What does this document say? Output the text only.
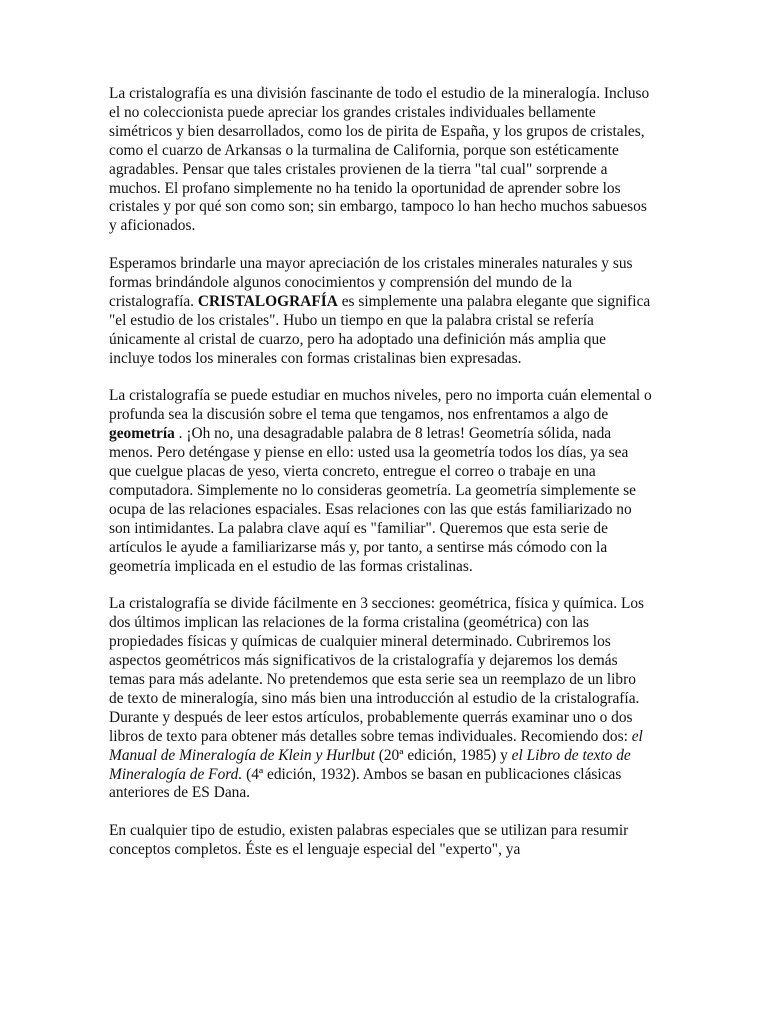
La cristalografía es una división fascinante de todo el estudio de la mineralogía. Incluso el no coleccionista puede apreciar los grandes cristales individuales bellamente simétricos y bien desarrollados, como los de pirita de España, y los grupos de cristales, como el cuarzo de Arkansas o la turmalina de California, porque son estéticamente agradables. Pensar que tales cristales provienen de la tierra "tal cual" sorprende a muchos. El profano simplemente no ha tenido la oportunidad de aprender sobre los cristales y por qué son como son; sin embargo, tampoco lo han hecho muchos sabuesos y aficionados.

Esperamos brindarle una mayor apreciación de los cristales minerales naturales y sus formas brindándole algunos conocimientos y comprensión del mundo de la cristalografía. CRISTALOGRAFÍA es simplemente una palabra elegante que significa "el estudio de los cristales". Hubo un tiempo en que la palabra cristal se refería únicamente al cristal de cuarzo, pero ha adoptado una definición más amplia que incluye todos los minerales con formas cristalinas bien expresadas.

La cristalografía se puede estudiar en muchos niveles, pero no importa cuán elemental o profunda sea la discusión sobre el tema que tengamos, nos enfrentamos a algo de geometría . ¡Oh no, una desagradable palabra de 8 letras! Geometría sólida, nada menos. Pero deténgase y piense en ello: usted usa la geometría todos los días, ya sea que cuelgue placas de yeso, vierta concreto, entregue el correo o trabaje en una computadora. Simplemente no lo consideras geometría. La geometría simplemente se ocupa de las relaciones espaciales. Esas relaciones con las que estás familiarizado no son intimidantes. La palabra clave aquí es "familiar". Queremos que esta serie de artículos le ayude a familiarizarse más y, por tanto, a sentirse más cómodo con la geometría implicada en el estudio de las formas cristalinas.

La cristalografía se divide fácilmente en 3 secciones: geométrica, física y química. Los dos últimos implican las relaciones de la forma cristalina (geométrica) con las propiedades físicas y químicas de cualquier mineral determinado. Cubriremos los aspectos geométricos más significativos de la cristalografía y dejaremos los demás temas para más adelante. No pretendemos que esta serie sea un reemplazo de un libro de texto de mineralogía, sino más bien una introducción al estudio de la cristalografía. Durante y después de leer estos artículos, probablemente querrás examinar uno o dos libros de texto para obtener más detalles sobre temas individuales. Recomiendo dos: el Manual de Mineralogía de Klein y Hurlbut (20ª edición, 1985) y el Libro de texto de Mineralogía de Ford. (4ª edición, 1932). Ambos se basan en publicaciones clásicas anteriores de ES Dana.

En cualquier tipo de estudio, existen palabras especiales que se utilizan para resumir conceptos completos. Éste es el lenguaje especial del "experto", ya
